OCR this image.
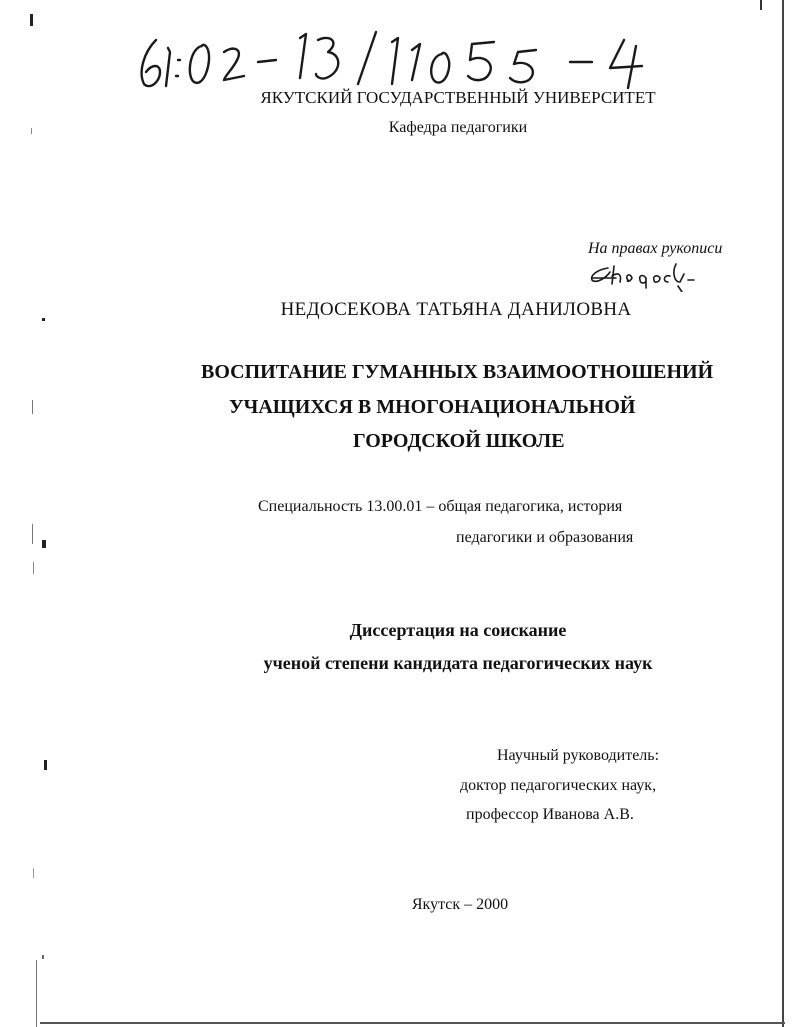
ЯКУТСКИЙ ГОСУДАРСТВЕННЫЙ УНИВЕРСИТЕТ
Кафедра педагогики
На правах рукописи
НЕДОСЕКОВА ТАТЬЯНА ДАНИЛОВНА
ВОСПИТАНИЕ ГУМАННЫХ ВЗАИМООТНОШЕНИЙ
УЧАЩИХСЯ В МНОГОНАЦИОНАЛЬНОЙ
ГОРОДСКОЙ ШКОЛЕ
Специальность 13.00.01 – общая педагогика, история
педагогики и образования
Диссертация на соискание
ученой степени кандидата педагогических наук
Научный руководитель:
доктор педагогических наук,
профессор Иванова А.В.
Якутск – 2000
